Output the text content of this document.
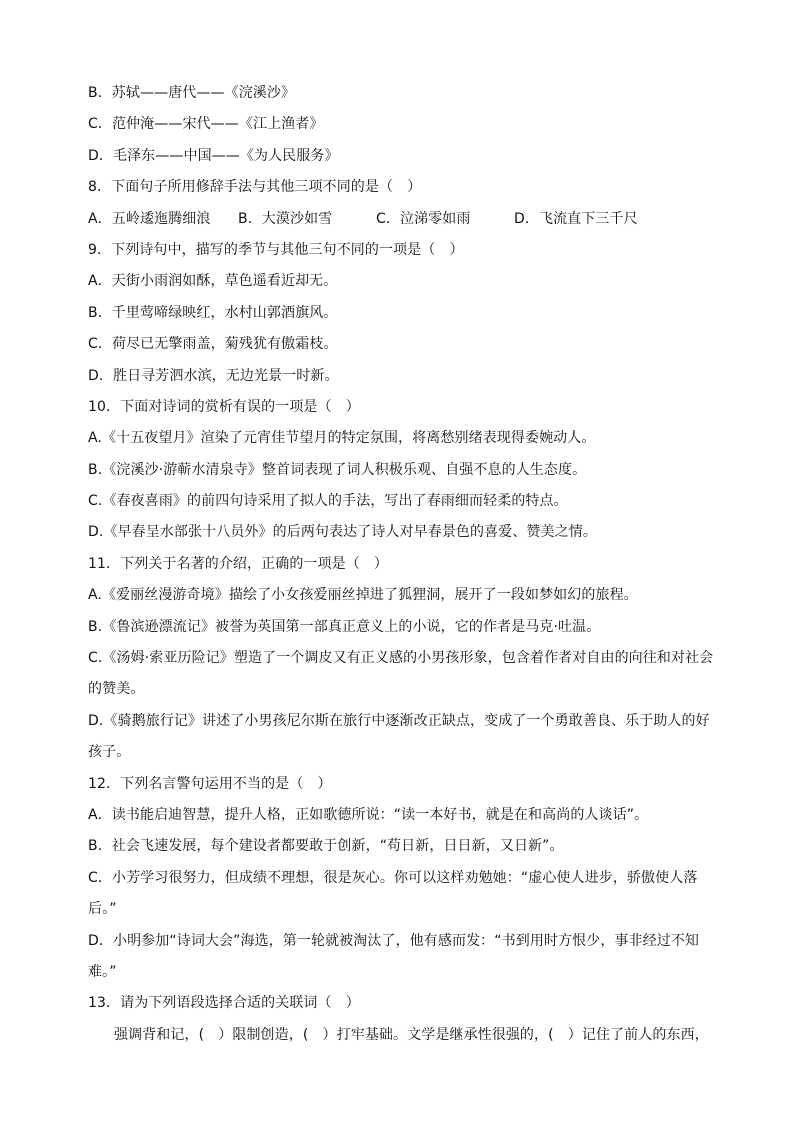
B．苏轼——唐代——《浣溪沙》
C．范仲淹——宋代——《江上渔者》
D．毛泽东——中国——《为人民服务》
8．下面句子所用修辞手法与其他三项不同的是（　）
A．五岭逶迤腾细浪 B．大漠沙如雪	C．泣涕零如雨	D．飞流直下三千尺
9．下列诗句中，描写的季节与其他三句不同的一项是（　）
A．天街小雨润如酥，草色遥看近却无。
B．千里莺啼绿映红，水村山郭酒旗风。
C．荷尽已无擎雨盖，菊残犹有傲霜枝。
D．胜日寻芳泗水滨，无边光景一时新。
10．下面对诗词的赏析有误的一项是（　）
A.《十五夜望月》渲染了元宵佳节望月的特定氛围，将离愁别绪表现得委婉动人。
B.《浣溪沙·游蕲水清泉寺》整首词表现了词人积极乐观、自强不息的人生态度。
C.《春夜喜雨》的前四句诗采用了拟人的手法，写出了春雨细而轻柔的特点。
D.《早春呈水部张十八员外》的后两句表达了诗人对早春景色的喜爱、赞美之情。
11．下列关于名著的介绍，正确的一项是（　）
A.《爱丽丝漫游奇境》描绘了小女孩爱丽丝掉进了狐狸洞，展开了一段如梦如幻的旅程。
B.《鲁滨逊漂流记》被誉为英国第一部真正意义上的小说，它的作者是马克·吐温。
C.《汤姆·索亚历险记》塑造了一个调皮又有正义感的小男孩形象，包含着作者对自由的向往和对社会
的赞美。
D.《骑鹅旅行记》讲述了小男孩尼尔斯在旅行中逐渐改正缺点，变成了一个勇敢善良、乐于助人的好
孩子。
12．下列名言警句运用不当的是（　）
A．读书能启迪智慧，提升人格，正如歌德所说：“读一本好书，就是在和高尚的人谈话”。
B．社会飞速发展，每个建设者都要敢于创新，“苟日新，日日新，又日新”。
C．小芳学习很努力，但成绩不理想，很是灰心。你可以这样劝勉她：“虚心使人进步，骄傲使人落
后。”
D．小明参加“诗词大会”海选，第一轮就被淘汰了，他有感而发：“书到用时方恨少，事非经过不知
难。”
13．请为下列语段选择合适的关联词（　）
强调背和记，(　）限制创造，(　）打牢基础。文学是继承性很强的，(　）记住了前人的东西，
